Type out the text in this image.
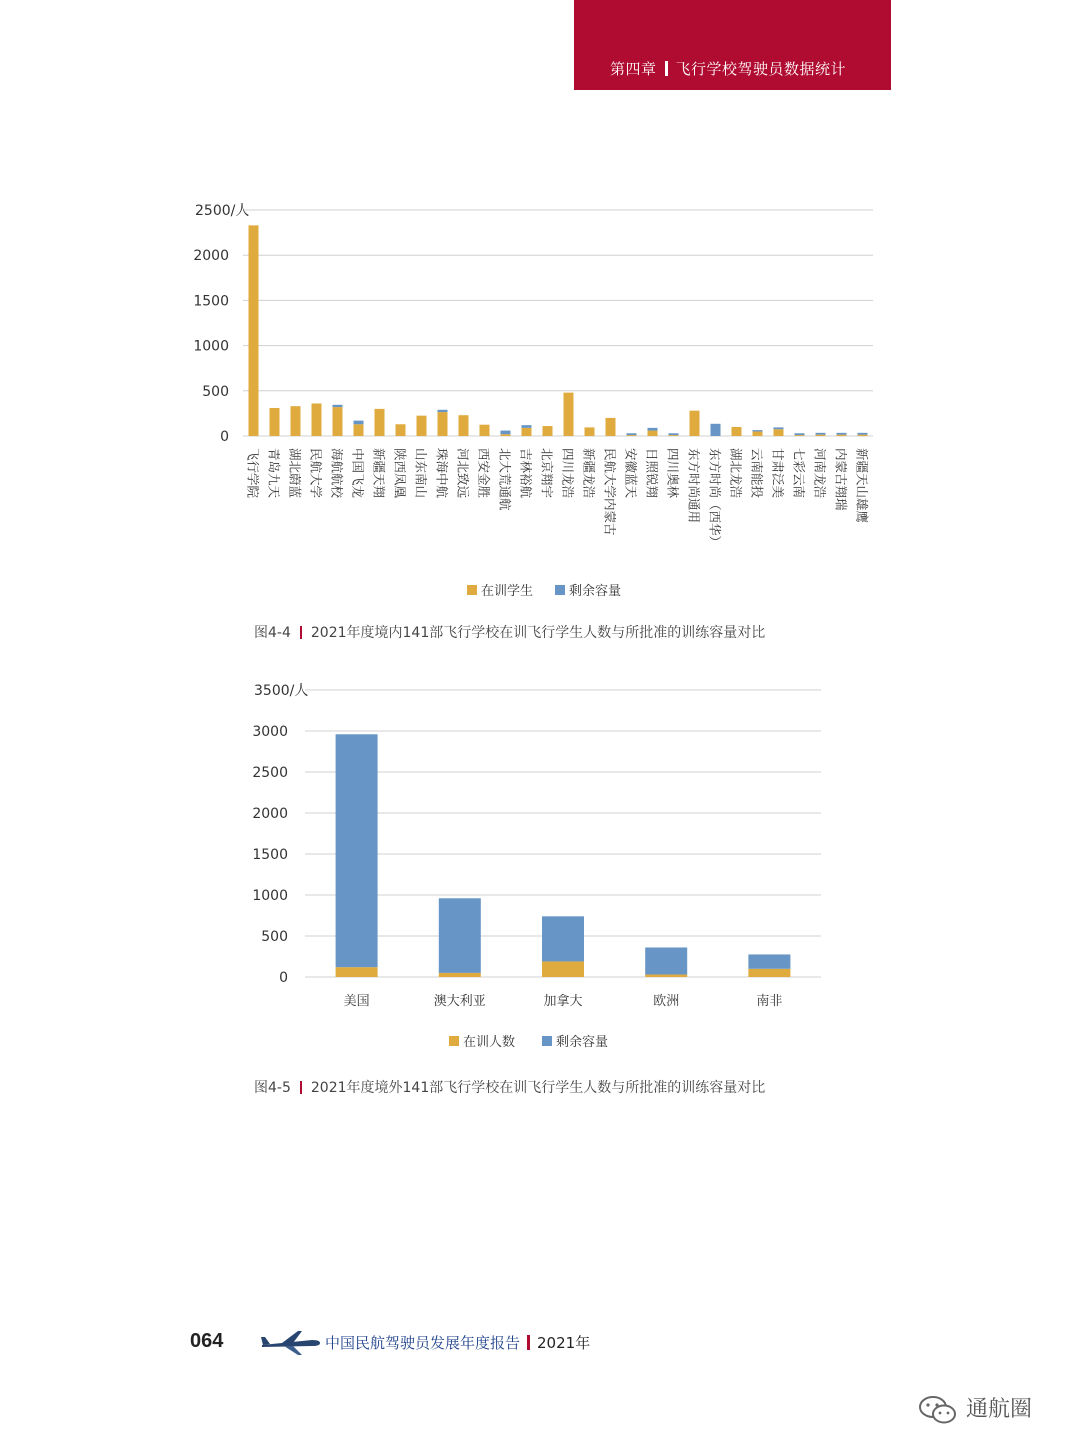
第四章 飞行学校驾驶员数据统计
0
500
1000
1500
2000
2500/人
飞行学院 青岛九天 湖北蔚蓝 民航大学 海航航校 中国飞龙 新疆天翔 陕西凤凰 山东南山 珠海中航 河北致远 西安金胜 北大荒通航 吉林裕航 北京翔宇 四川龙浩 新疆龙浩 民航大学内蒙古 安徽蓝天 日照锐翔 四川奥林 东方时尚通用 东方时尚（西华） 湖北龙浩 云南能投 甘肃泛美 七彩云南 河南龙浩 内蒙古翔瑞 新疆天山雄鹰
在训学生	剩余容量
图4-4 2021年度境内141部飞行学校在训飞行学生人数与所批准的训练容量对比
0
500
1000
1500
2000
2500
3000
3500/人
美国	澳大利亚	加拿大	欧洲	南非
在训人数	剩余容量
图4-5 2021年度境外141部飞行学校在训飞行学生人数与所批准的训练容量对比
064	中国民航驾驶员发展年度报告 2021年
通航圈
